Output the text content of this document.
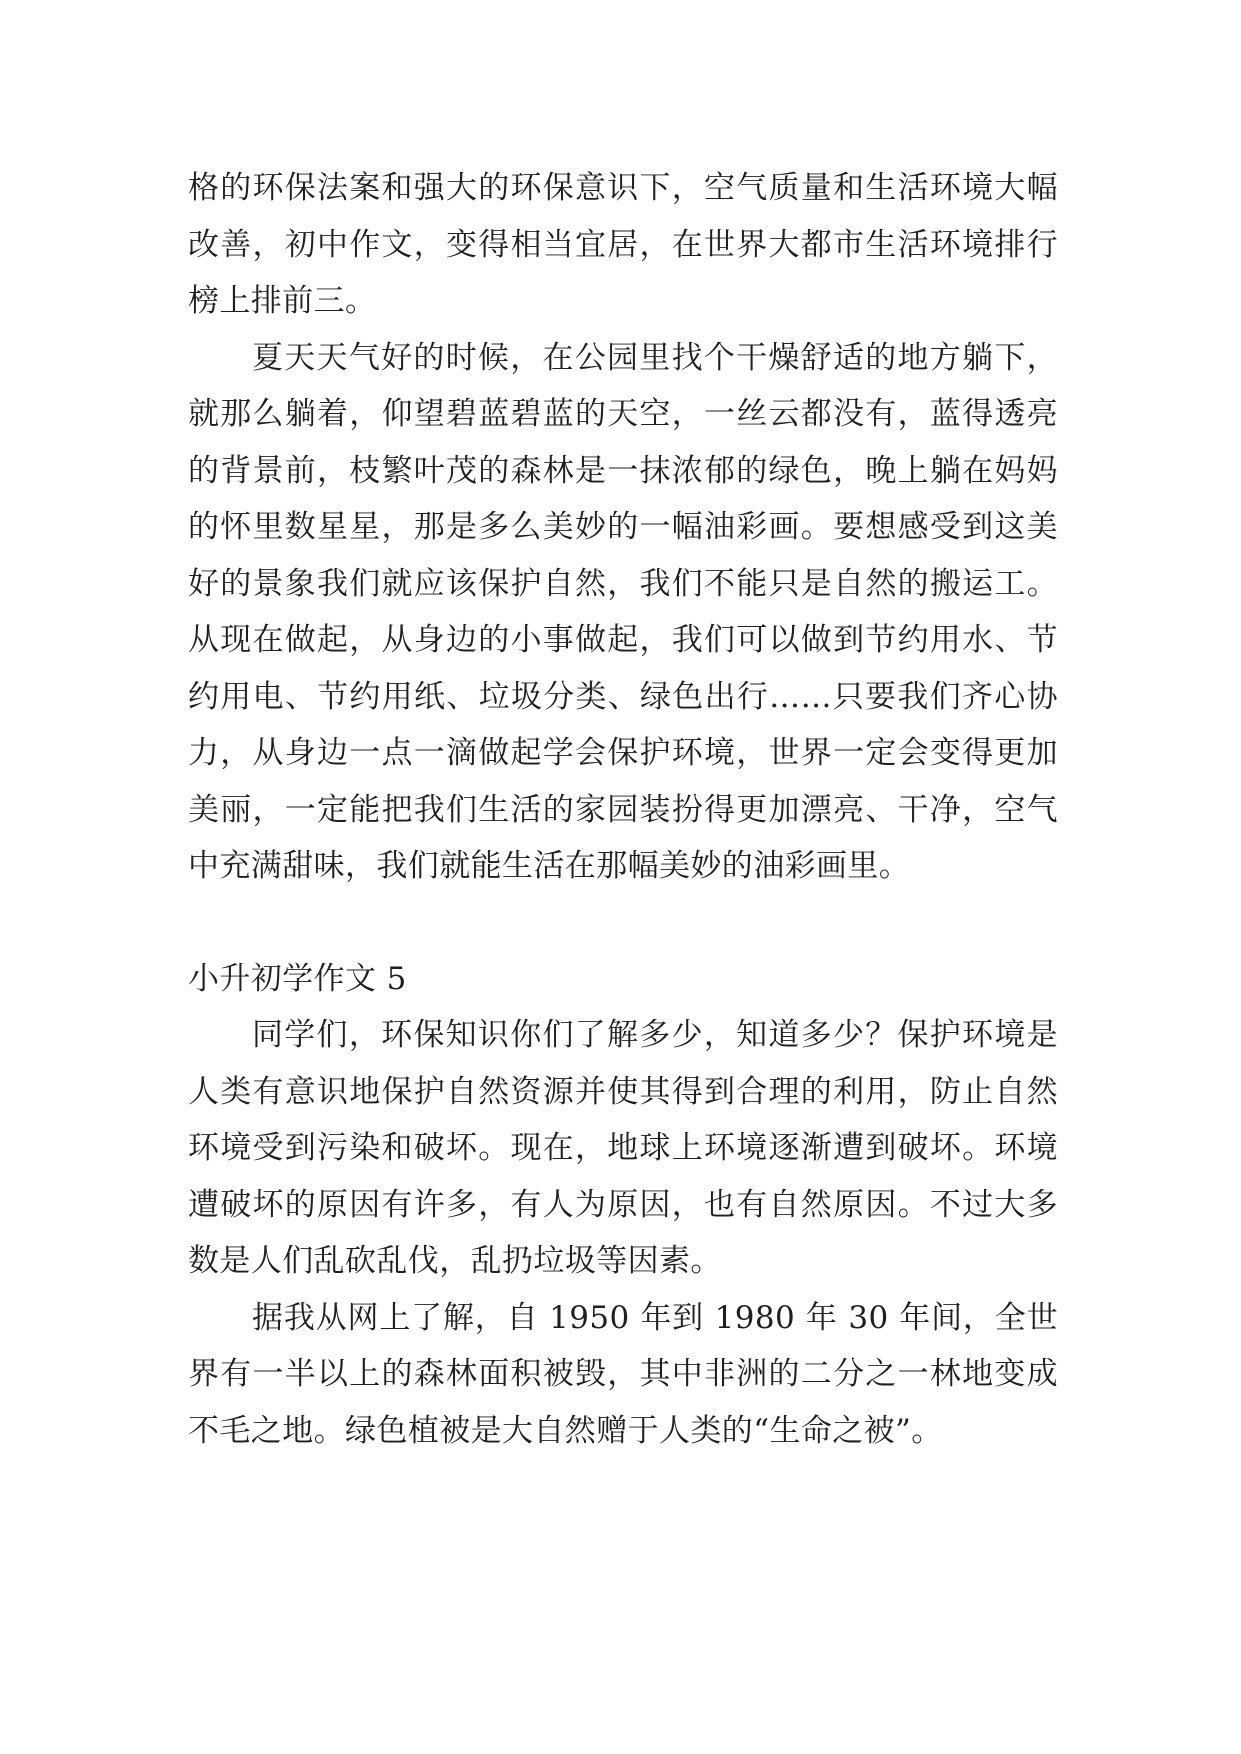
格的环保法案和强大的环保意识下，空气质量和生活环境大幅改善，初中作文，变得相当宜居，在世界大都市生活环境排行榜上排前三。

夏天天气好的时候，在公园里找个干燥舒适的地方躺下，就那么躺着，仰望碧蓝碧蓝的天空，一丝云都没有，蓝得透亮的背景前，枝繁叶茂的森林是一抹浓郁的绿色，晚上躺在妈妈的怀里数星星，那是多么美妙的一幅油彩画。要想感受到这美好的景象我们就应该保护自然，我们不能只是自然的搬运工。从现在做起，从身边的小事做起，我们可以做到节约用水、节约用电、节约用纸、垃圾分类、绿色出行……只要我们齐心协力，从身边一点一滴做起学会保护环境，世界一定会变得更加美丽，一定能把我们生活的家园装扮得更加漂亮、干净，空气中充满甜味，我们就能生活在那幅美妙的油彩画里。

小升初学作文 5

同学们，环保知识你们了解多少，知道多少？保护环境是人类有意识地保护自然资源并使其得到合理的利用，防止自然环境受到污染和破坏。现在，地球上环境逐渐遭到破坏。环境遭破坏的原因有许多，有人为原因，也有自然原因。不过大多数是人们乱砍乱伐，乱扔垃圾等因素。

据我从网上了解，自 1950 年到 1980 年 30 年间，全世界有一半以上的森林面积被毁，其中非洲的二分之一林地变成不毛之地。绿色植被是大自然赠于人类的“生命之被”。
